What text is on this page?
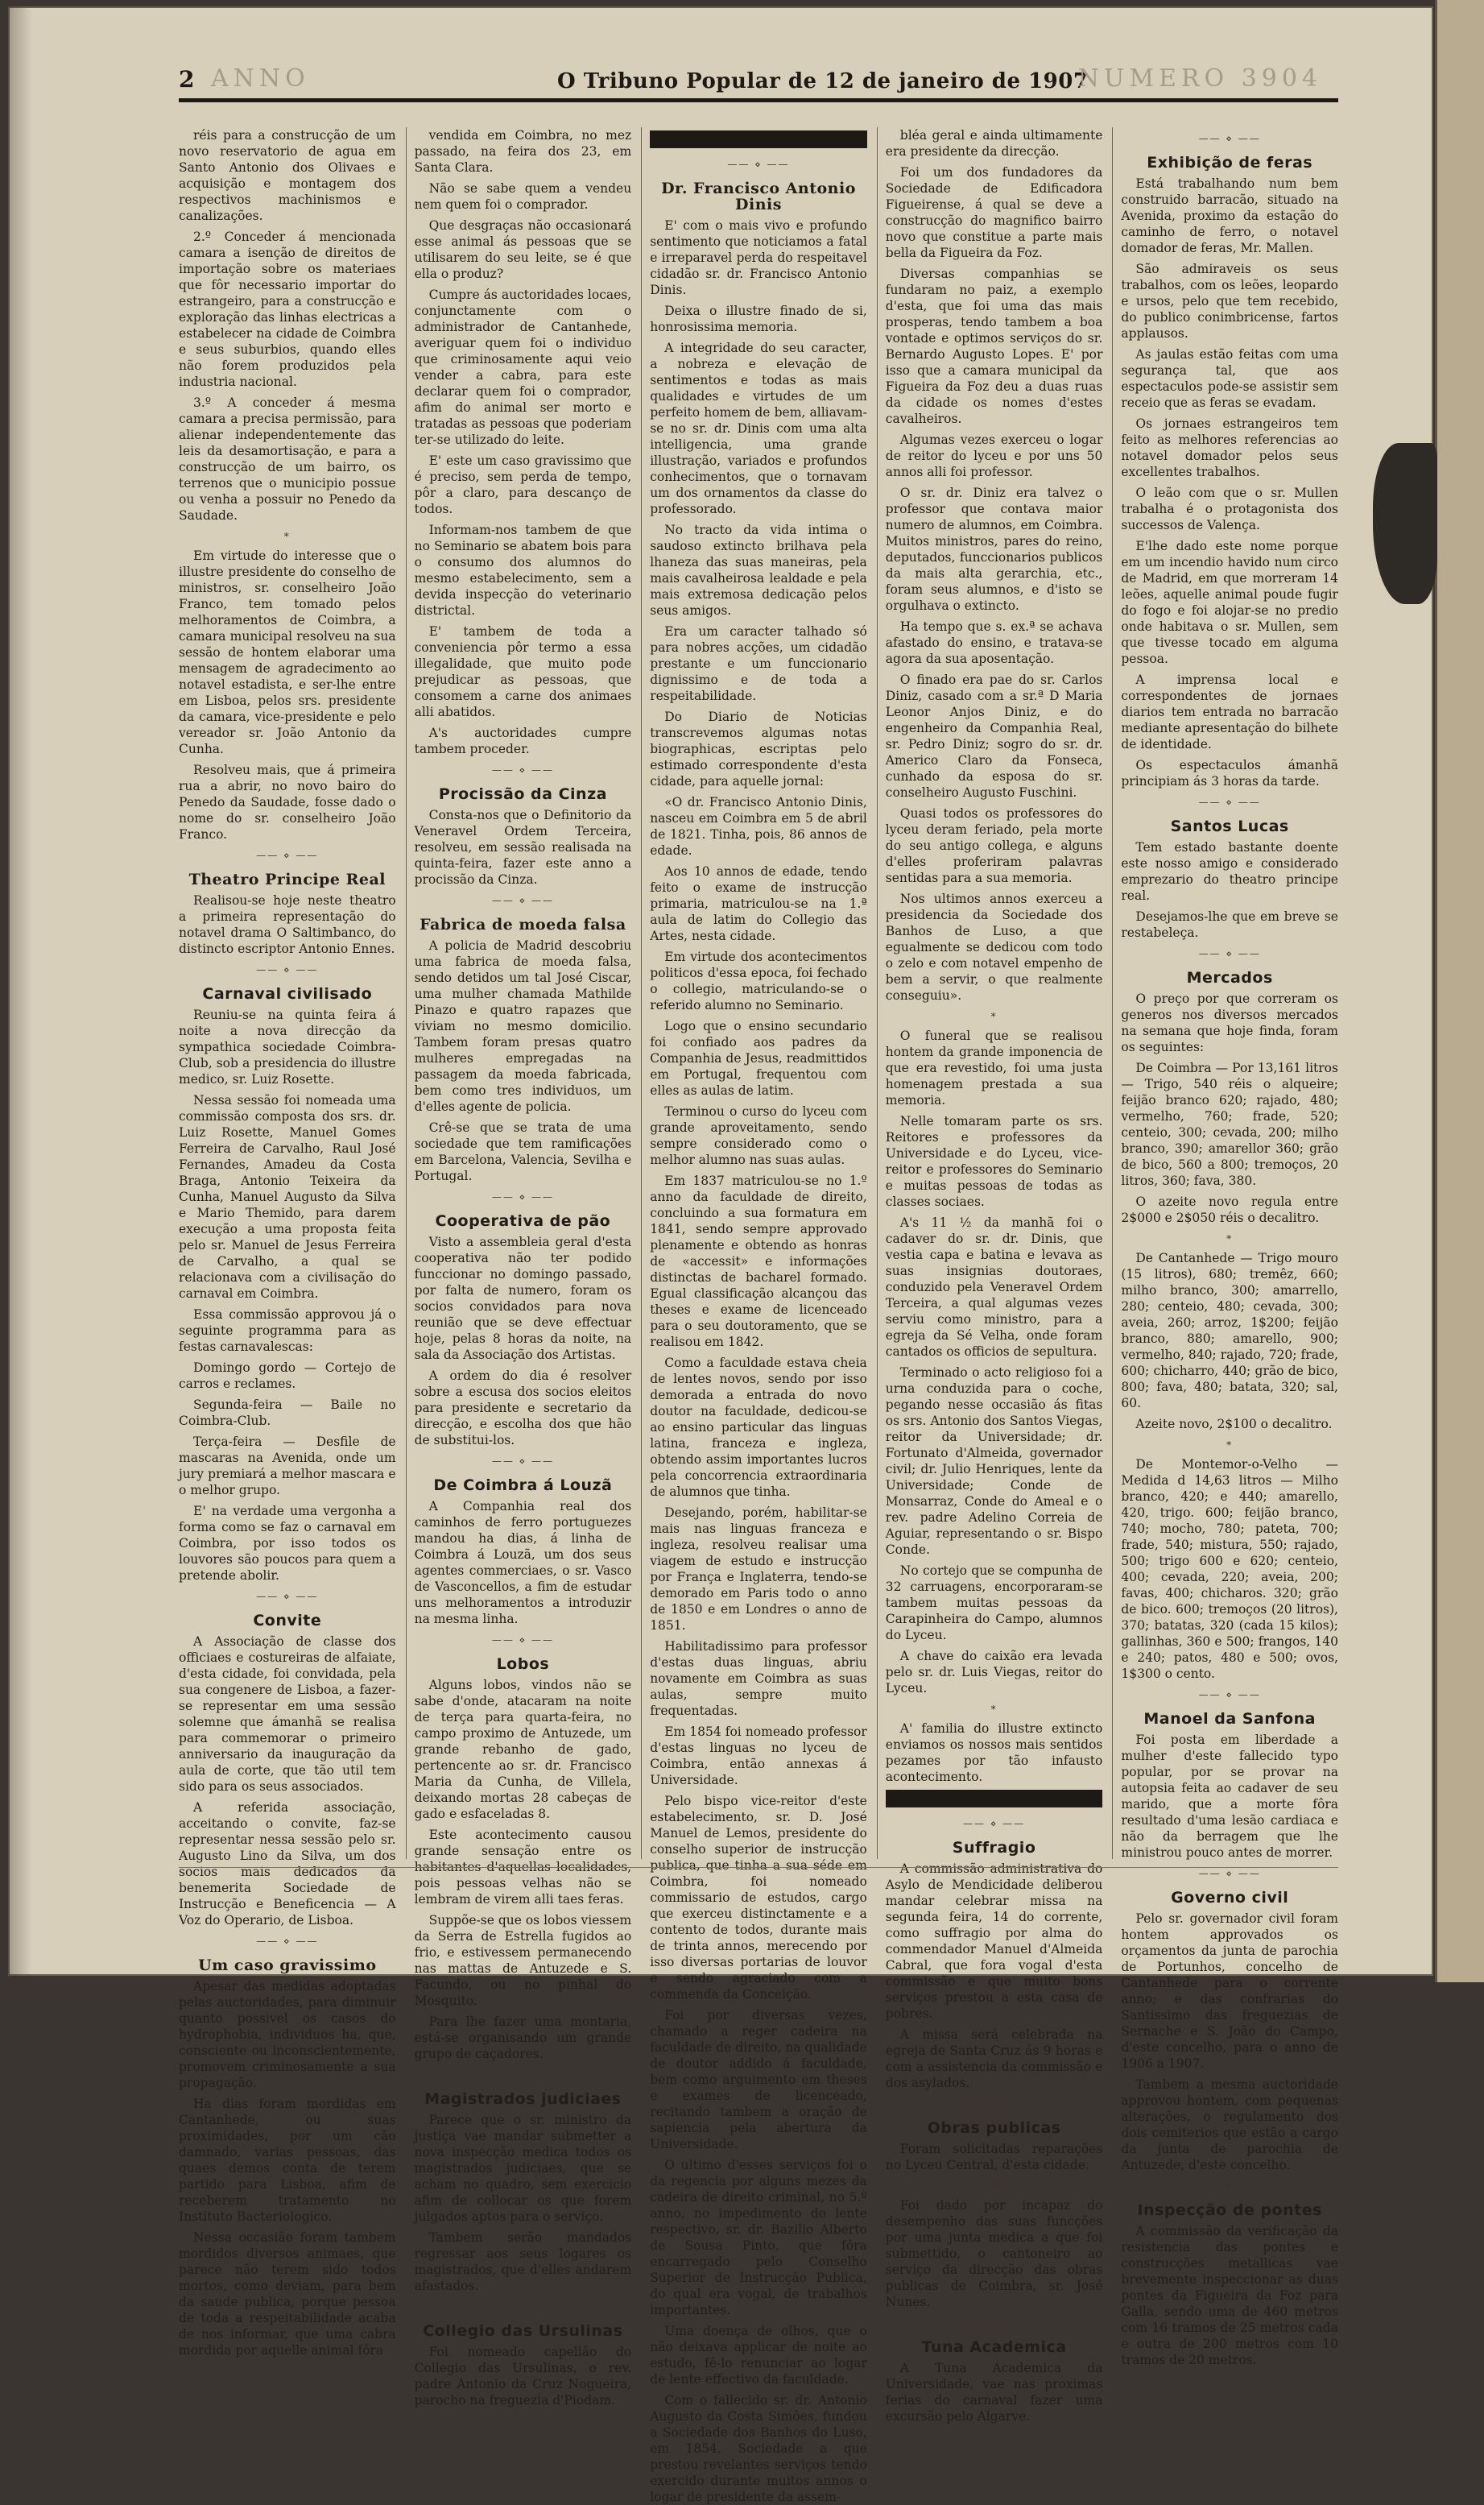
2 ANNO	O Tribuno Popular de 12 de janeiro de 1907
NUMERO 3904

réis para a construcção de um novo reservatorio de agua em Santo Antonio dos Olivaes e acquisição e montagem dos respectivos machinismos e canalizações.

2.º Conceder á mencionada camara a isenção de direitos de importação sobre os materiaes que fôr necessario importar do estrangeiro, para a construcção e exploração das linhas electricas a estabelecer na cidade de Coimbra e seus suburbios, quando elles não forem produzidos pela industria nacional.

3.º A conceder á mesma camara a precisa permissão, para alienar independentemente das leis da desamortisação, e para a construcção de um bairro, os terrenos que o municipio possue ou venha a possuir no Penedo da Saudade.

*

Em virtude do interesse que o illustre presidente do conselho de ministros, sr. conselheiro João Franco, tem tomado pelos melhoramentos de Coimbra, a camara municipal resolveu na sua sessão de hontem elaborar uma mensagem de agradecimento ao notavel estadista, e ser-lhe entre em Lisboa, pelos srs. presidente da camara, vice-presidente e pelo vereador sr. João Antonio da Cunha.

Resolveu mais, que á primeira rua a abrir, no novo bairo do Penedo da Saudade, fosse dado o nome do sr. conselheiro João Franco.

—— ⋄ ——
Theatro Principe Real

Realisou-se hoje neste theatro a primeira representação do notavel drama O Saltimbanco, do distincto escriptor Antonio Ennes.

—— ⋄ ——
Carnaval civilisado

Reuniu-se na quinta feira á noite a nova direcção da sympathica sociedade Coimbra-Club, sob a presidencia do illustre medico, sr. Luiz Rosette.

Nessa sessão foi nomeada uma commissão composta dos srs. dr. Luiz Rosette, Manuel Gomes Ferreira de Carvalho, Raul José Fernandes, Amadeu da Costa Braga, Antonio Teixeira da Cunha, Manuel Augusto da Silva e Mario Themido, para darem execução a uma proposta feita pelo sr. Manuel de Jesus Ferreira de Carvalho, a qual se relacionava com a civilisação do carnaval em Coimbra.

Essa commissão approvou já o seguinte programma para as festas carnavalescas:

Domingo gordo — Cortejo de carros e reclames.

Segunda-feira — Baile no Coimbra-Club.

Terça-feira — Desfile de mascaras na Avenida, onde um jury premiará a melhor mascara e o melhor grupo.

E' na verdade uma vergonha a forma como se faz o carnaval em Coimbra, por isso todos os louvores são poucos para quem a pretende abolir.

—— ⋄ ——
Convite

A Associação de classe dos officiaes e costureiras de alfaiate, d'esta cidade, foi convidada, pela sua congenere de Lisboa, a fazer-se representar em uma sessão solemne que ámanhã se realisa para commemorar o primeiro anniversario da inauguração da aula de corte, que tão util tem sido para os seus associados.

A referida associação, acceitando o convite, faz-se representar nessa sessão pelo sr. Augusto Lino da Silva, um dos socios mais dedicados da benemerita Sociedade de Instrucção e Beneficencia — A Voz do Operario, de Lisboa.

—— ⋄ ——
Um caso gravissimo

Apesar das medidas adoptadas pelas auctoridades, para diminuir quanto possivel os casos do hydrophobia, individuos ha, que, consciente ou inconscientemente, promovem criminosamente a sua propagação.

Ha dias foram mordidas em Cantanhede, ou suas proximidades, por um cão damnado, varias pessoas, das quaes demos conta de terem partido para Lisboa, afim de receberem tratamento no Instituto Bacteriologico.

Nessa occasião foram tambem mordidos diversos animaes, que parece não terem sido todos mortos, como deviam, para bem da saude publica, porque pessoa de toda a respeitabilidade acaba de nos informar, que uma cabra mordida por aquelle animal fôra

vendida em Coimbra, no mez passado, na feira dos 23, em Santa Clara.

Não se sabe quem a vendeu nem quem foi o comprador.

Que desgraças não occasionará esse animal ás pessoas que se utilisarem do seu leite, se é que ella o produz?

Cumpre ás auctoridades locaes, conjunctamente com o administrador de Cantanhede, averiguar quem foi o individuo que criminosamente aqui veio vender a cabra, para este declarar quem foi o comprador, afim do animal ser morto e tratadas as pessoas que poderiam ter-se utilizado do leite.

E' este um caso gravissimo que é preciso, sem perda de tempo, pôr a claro, para descanço de todos.

Informam-nos tambem de que no Seminario se abatem bois para o consumo dos alumnos do mesmo estabelecimento, sem a devida inspecção do veterinario districtal.

E' tambem de toda a conveniencia pôr termo a essa illegalidade, que muito pode prejudicar as pessoas, que consomem a carne dos animaes alli abatidos.

A's auctoridades cumpre tambem proceder.

—— ⋄ ——
Procissão da Cinza

Consta-nos que o Definitorio da Veneravel Ordem Terceira, resolveu, em sessão realisada na quinta-feira, fazer este anno a procissão da Cinza.

—— ⋄ ——
Fabrica de moeda falsa

A policia de Madrid descobriu uma fabrica de moeda falsa, sendo detidos um tal José Ciscar, uma mulher chamada Mathilde Pinazo e quatro rapazes que viviam no mesmo domicilio. Tambem foram presas quatro mulheres empregadas na passagem da moeda fabricada, bem como tres individuos, um d'elles agente de policia.

Crê-se que se trata de uma sociedade que tem ramificações em Barcelona, Valencia, Sevilha e Portugal.

—— ⋄ ——
Cooperativa de pão

Visto a assembleia geral d'esta cooperativa não ter podido funccionar no domingo passado, por falta de numero, foram os socios convidados para nova reunião que se deve effectuar hoje, pelas 8 horas da noite, na sala da Associação dos Artistas.

A ordem do dia é resolver sobre a escusa dos socios eleitos para presidente e secretario da direcção, e escolha dos que hão de substitui-los.

—— ⋄ ——
De Coimbra á Louzã

A Companhia real dos caminhos de ferro portuguezes mandou ha dias, á linha de Coimbra á Louzã, um dos seus agentes commerciaes, o sr. Vasco de Vasconcellos, a fim de estudar uns melhoramentos a introduzir na mesma linha.

—— ⋄ ——
Lobos

Alguns lobos, vindos não se sabe d'onde, atacaram na noite de terça para quarta-feira, no campo proximo de Antuzede, um grande rebanho de gado, pertencente ao sr. dr. Francisco Maria da Cunha, de Villela, deixando mortas 28 cabeças de gado e esfaceladas 8.

Este acontecimento causou grande sensação entre os habitantes d'aquellas localidades, pois pessoas velhas não se lembram de virem alli taes feras.

Suppõe-se que os lobos viessem da Serra de Estrella fugidos ao frio, e estivessem permanecendo nas mattas de Antuzede e S. Facundo, ou no pinhal do Mosquito.

Para lhe fazer uma montaria, está-se organisando um grande grupo de caçadores.

—— ⋄ ——
Magistrados judiciaes

Parece que o sr. ministro da justiça vae mandar submetter a nova inspecção medica todos os magistrados judiciaes, que se acham no quadro, sem exercicio afim de collocar os que forem julgados aptos para o serviço.

Tambem serão mandados regressar aos seus logares os magistrados, que d'elles andarem afastados.

—— ⋄ ——
Collegio das Ursulinas

Foi nomeado capellão do Collegio das Ursulinas, o rev. padre Antonio da Cruz Nogueira, parocho na freguezia d'Piodam.

—— ⋄ ——
Dr. Francisco Antonio Dinis

E' com o mais vivo e profundo sentimento que noticiamos a fatal e irreparavel perda do respeitavel cidadão sr. dr. Francisco Antonio Dinis.

Deixa o illustre finado de si, honrosissima memoria.

A integridade do seu caracter, a nobreza e elevação de sentimentos e todas as mais qualidades e virtudes de um perfeito homem de bem, alliavam-se no sr. dr. Dinis com uma alta intelligencia, uma grande illustração, variados e profundos conhecimentos, que o tornavam um dos ornamentos da classe do professorado.

No tracto da vida intima o saudoso extincto brilhava pela lhaneza das suas maneiras, pela mais cavalheirosa lealdade e pela mais extremosa dedicação pelos seus amigos.

Era um caracter talhado só para nobres acções, um cidadão prestante e um funccionario dignissimo e de toda a respeitabilidade.

Do Diario de Noticias transcrevemos algumas notas biographicas, escriptas pelo estimado correspondente d'esta cidade, para aquelle jornal:

«O dr. Francisco Antonio Dinis, nasceu em Coimbra em 5 de abril de 1821. Tinha, pois, 86 annos de edade.

Aos 10 annos de edade, tendo feito o exame de instrucção primaria, matriculou-se na 1.ª aula de latim do Collegio das Artes, nesta cidade.

Em virtude dos acontecimentos politicos d'essa epoca, foi fechado o collegio, matriculando-se o referido alumno no Seminario.

Logo que o ensino secundario foi confiado aos padres da Companhia de Jesus, readmittidos em Portugal, frequentou com elles as aulas de latim.

Terminou o curso do lyceu com grande aproveitamento, sendo sempre considerado como o melhor alumno nas suas aulas.

Em 1837 matriculou-se no 1.º anno da faculdade de direito, concluindo a sua formatura em 1841, sendo sempre approvado plenamente e obtendo as honras de «accessit» e informações distinctas de bacharel formado. Egual classificação alcançou das theses e exame de licenceado para o seu doutoramento, que se realisou em 1842.

Como a faculdade estava cheia de lentes novos, sendo por isso demorada a entrada do novo doutor na faculdade, dedicou-se ao ensino particular das linguas latina, franceza e ingleza, obtendo assim importantes lucros pela concorrencia extraordinaria de alumnos que tinha.

Desejando, porém, habilitar-se mais nas linguas franceza e ingleza, resolveu realisar uma viagem de estudo e instrucção por França e Inglaterra, tendo-se demorado em Paris todo o anno de 1850 e em Londres o anno de 1851.

Habilitadissimo para professor d'estas duas linguas, abriu novamente em Coimbra as suas aulas, sempre muito frequentadas.

Em 1854 foi nomeado professor d'estas linguas no lyceu de Coimbra, então annexas á Universidade.

Pelo bispo vice-reitor d'este estabelecimento, sr. D. José Manuel de Lemos, presidente do conselho superior de instrucção publica, que tinha a sua séde em Coimbra, foi nomeado commissario de estudos, cargo que exerceu distinctamente e a contento de todos, durante mais de trinta annos, merecendo por isso diversas portarias de louvor e sendo agraciado com a commenda da Conceição.

Foi por diversas vezes, chamado a reger cadeira na faculdade de direito, na qualidade de doutor addido á faculdade, bem como arguimento em theses e exames de licenceado, recitando tambem a oração de sapiencia pela abertura da Universidade.

O ultimo d'esses serviços foi o da regencia por alguns mezes da cadeira de direito criminal, no 5.º anno, no impedimento do lente respectivo, sr. dr. Bazilio Alberto de Sousa Pinto, que fôra encarregado pelo Conselho Superior de Instrucção Publica, do qual era vogal, de trabalhos importantes.

Uma doença de olhos, que o não deixava applicar de noite ao estudo, fê-lo renunciar ao logar de lente effectivo da faculdade.

Com o fallecido sr. dr. Antonio Augusto da Costa Simões, fundou a Sociedade dos Banhos do Luso, em 1854, Sociedade a que prestou revelantes serviços tendo exercido durante muitos annos o logar de presidente da assem-

bléa geral e ainda ultimamente era presidente da direcção.

Foi um dos fundadores da Sociedade de Edificadora Figueirense, á qual se deve a construcção do magnifico bairro novo que constitue a parte mais bella da Figueira da Foz.

Diversas companhias se fundaram no paiz, a exemplo d'esta, que foi uma das mais prosperas, tendo tambem a boa vontade e optimos serviços do sr. Bernardo Augusto Lopes. E' por isso que a camara municipal da Figueira da Foz deu a duas ruas da cidade os nomes d'estes cavalheiros.

Algumas vezes exerceu o logar de reitor do lyceu e por uns 50 annos alli foi professor.

O sr. dr. Diniz era talvez o professor que contava maior numero de alumnos, em Coimbra. Muitos ministros, pares do reino, deputados, funccionarios publicos da mais alta gerarchia, etc., foram seus alumnos, e d'isto se orgulhava o extincto.

Ha tempo que s. ex.ª se achava afastado do ensino, e tratava-se agora da sua aposentação.

O finado era pae do sr. Carlos Diniz, casado com a sr.ª D Maria Leonor Anjos Diniz, e do engenheiro da Companhia Real, sr. Pedro Diniz; sogro do sr. dr. Americo Claro da Fonseca, cunhado da esposa do sr. conselheiro Augusto Fuschini.

Quasi todos os professores do lyceu deram feriado, pela morte do seu antigo collega, e alguns d'elles proferiram palavras sentidas para a sua memoria.

Nos ultimos annos exerceu a presidencia da Sociedade dos Banhos de Luso, a que egualmente se dedicou com todo o zelo e com notavel empenho de bem a servir, o que realmente conseguiu».

*

O funeral que se realisou hontem da grande imponencia de que era revestido, foi uma justa homenagem prestada a sua memoria.

Nelle tomaram parte os srs. Reitores e professores da Universidade e do Lyceu, vice-reitor e professores do Seminario e muitas pessoas de todas as classes sociaes.

A's 11 ½ da manhã foi o cadaver do sr. dr. Dinis, que vestia capa e batina e levava as suas insignias doutoraes, conduzido pela Veneravel Ordem Terceira, a qual algumas vezes serviu como ministro, para a egreja da Sé Velha, onde foram cantados os officios de sepultura.

Terminado o acto religioso foi a urna conduzida para o coche, pegando nesse occasião ás fitas os srs. Antonio dos Santos Viegas, reitor da Universidade; dr. Fortunato d'Almeida, governador civil; dr. Julio Henriques, lente da Universidade; Conde de Monsarraz, Conde do Ameal e o rev. padre Adelino Correia de Aguiar, representando o sr. Bispo Conde.

No cortejo que se compunha de 32 carruagens, encorporaram-se tambem muitas pessoas da Carapinheira do Campo, alumnos do Lyceu.

A chave do caixão era levada pelo sr. dr. Luis Viegas, reitor do Lyceu.

*

A' familia do illustre extincto enviamos os nossos mais sentidos pezames por tão infausto acontecimento.

—— ⋄ ——
Suffragio

A commissão administrativa do Asylo de Mendicidade deliberou mandar celebrar missa na segunda feira, 14 do corrente, como suffragio por alma do commendador Manuel d'Almeida Cabral, que fora vogal d'esta commissão e que muito bons serviços prestou a esta casa de pobres.

A missa será celebrada na egreja de Santa Cruz ás 9 horas e com a assistencia da commissão e dos asylados.

—— ⋄ ——
Obras publicas

Foram solicitadas reparações no Lyceu Central, d'esta cidade.

*

Foi dado por incapaz do desempenho das suas funcções por uma junta medica a que foi submettido, o cantoneiro ao serviço da direcção das obras publicas de Coimbra, sr. José Nunes.

—— ⋄ ——
Tuna Academica

A Tuna Academica da Universidade, vae nas proximas ferias do carnaval fazer uma excursão pelo Algarve.

—— ⋄ ——
Exhibição de feras

Está trabalhando num bem construido barracão, situado na Avenida, proximo da estação do caminho de ferro, o notavel domador de feras, Mr. Mallen.

São admiraveis os seus trabalhos, com os leões, leopardo e ursos, pelo que tem recebido, do publico conimbricense, fartos applausos.

As jaulas estão feitas com uma segurança tal, que aos espectaculos pode-se assistir sem receio que as feras se evadam.

Os jornaes estrangeiros tem feito as melhores referencias ao notavel domador pelos seus excellentes trabalhos.

O leão com que o sr. Mullen trabalha é o protagonista dos successos de Valença.

E'lhe dado este nome porque em um incendio havido num circo de Madrid, em que morreram 14 leões, aquelle animal poude fugir do fogo e foi alojar-se no predio onde habitava o sr. Mullen, sem que tivesse tocado em alguma pessoa.

A imprensa local e correspondentes de jornaes diarios tem entrada no barracão mediante apresentação do bilhete de identidade.

Os espectaculos ámanhã principiam ás 3 horas da tarde.

—— ⋄ ——
Santos Lucas

Tem estado bastante doente este nosso amigo e considerado emprezario do theatro principe real.

Desejamos-lhe que em breve se restabeleça.

—— ⋄ ——
Mercados

O preço por que correram os generos nos diversos mercados na semana que hoje finda, foram os seguintes:

De Coimbra — Por 13,161 litros — Trigo, 540 réis o alqueire; feijão branco 620; rajado, 480; vermelho, 760; frade, 520; centeio, 300; cevada, 200; milho branco, 390; amarellor 360; grão de bico, 560 a 800; tremoços, 20 litros, 360; fava, 380.

O azeite novo regula entre 2$000 e 2$050 réis o decalitro.

*

De Cantanhede — Trigo mouro (15 litros), 680; tremêz, 660; milho branco, 300; amarrello, 280; centeio, 480; cevada, 300; aveia, 260; arroz, 1$200; feijão branco, 880; amarello, 900; vermelho, 840; rajado, 720; frade, 600; chicharro, 440; grão de bico, 800; fava, 480; batata, 320; sal, 60.

Azeite novo, 2$100 o decalitro.

*

De Montemor-o-Velho — Medida d 14,63 litros — Milho branco, 420; e 440; amarello, 420, trigo. 600; feijão branco, 740; mocho, 780; pateta, 700; frade, 540; mistura, 550; rajado, 500; trigo 600 e 620; centeio, 400; cevada, 220; aveia, 200; favas, 400; chicharos. 320; grão de bico. 600; tremoços (20 litros), 370; batatas, 320 (cada 15 kilos); gallinhas, 360 e 500; frangos, 140 e 240; patos, 480 e 500; ovos, 1$300 o cento.

—— ⋄ ——
Manoel da Sanfona

Foi posta em liberdade a mulher d'este fallecido typo popular, por se provar na autopsia feita ao cadaver de seu marido, que a morte fôra resultado d'uma lesão cardiaca e não da berragem que lhe ministrou pouco antes de morrer.

—— ⋄ ——
Governo civil

Pelo sr. governador civil foram hontem approvados os orçamentos da junta de parochia de Portunhos, concelho de Cantanhede para o corrente anno; e das confrarias do Santissimo das freguezias de Sernache e S. João do Campo, d'este concelho, para o anno de 1906 a 1907.

Tambem a mesma auctoridade approvou hontem, com pequenas alterações, o regulamento dos dois cemiterios que estão a cargo da junta de parochia de Antuzede, d'este concelho.

—— ⋄ ——
Inspecção de pontes

A commissão da verificação da resistencia das pontes e construcções metallicas vae brevemente inspeccionar as duas pontes da Figueira da Foz para Galla, sendo uma de 460 metros com 16 tramos de 25 metros cada e outra de 200 metros com 10 tramos de 20 metros.
